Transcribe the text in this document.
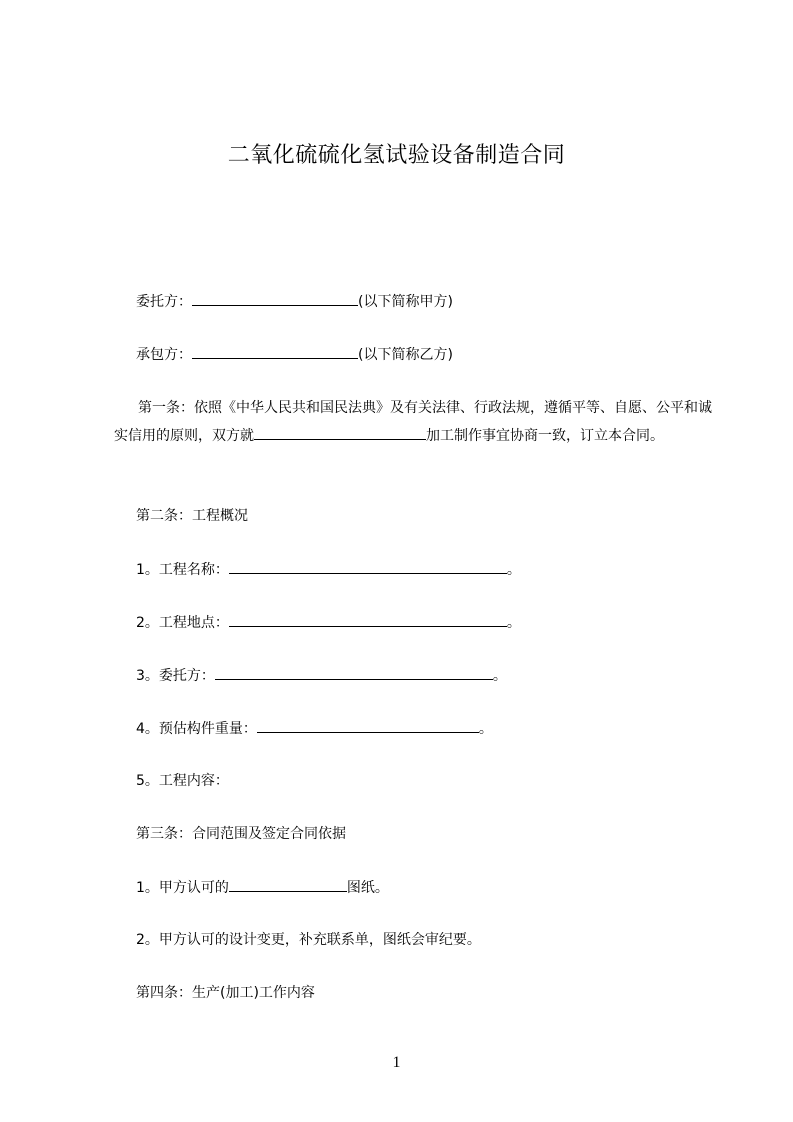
二氧化硫硫化氢试验设备制造合同
委托方：	(以下简称甲方)
承包方：	(以下简称乙方)
第一条：依照《中华人民共和国民法典》及有关法律、行政法规，遵循平等、自愿、公平和诚实信用的原则，双方就	加工制作事宜协商一致，订立本合同。
第二条：工程概况
1。工程名称：	。
2。工程地点：	。
3。委托方：	。
4。预估构件重量：	。
5。工程内容：
第三条：合同范围及签定合同依据
1。甲方认可的	图纸。
2。甲方认可的设计变更，补充联系单，图纸会审纪要。
第四条：生产(加工)工作内容
1
